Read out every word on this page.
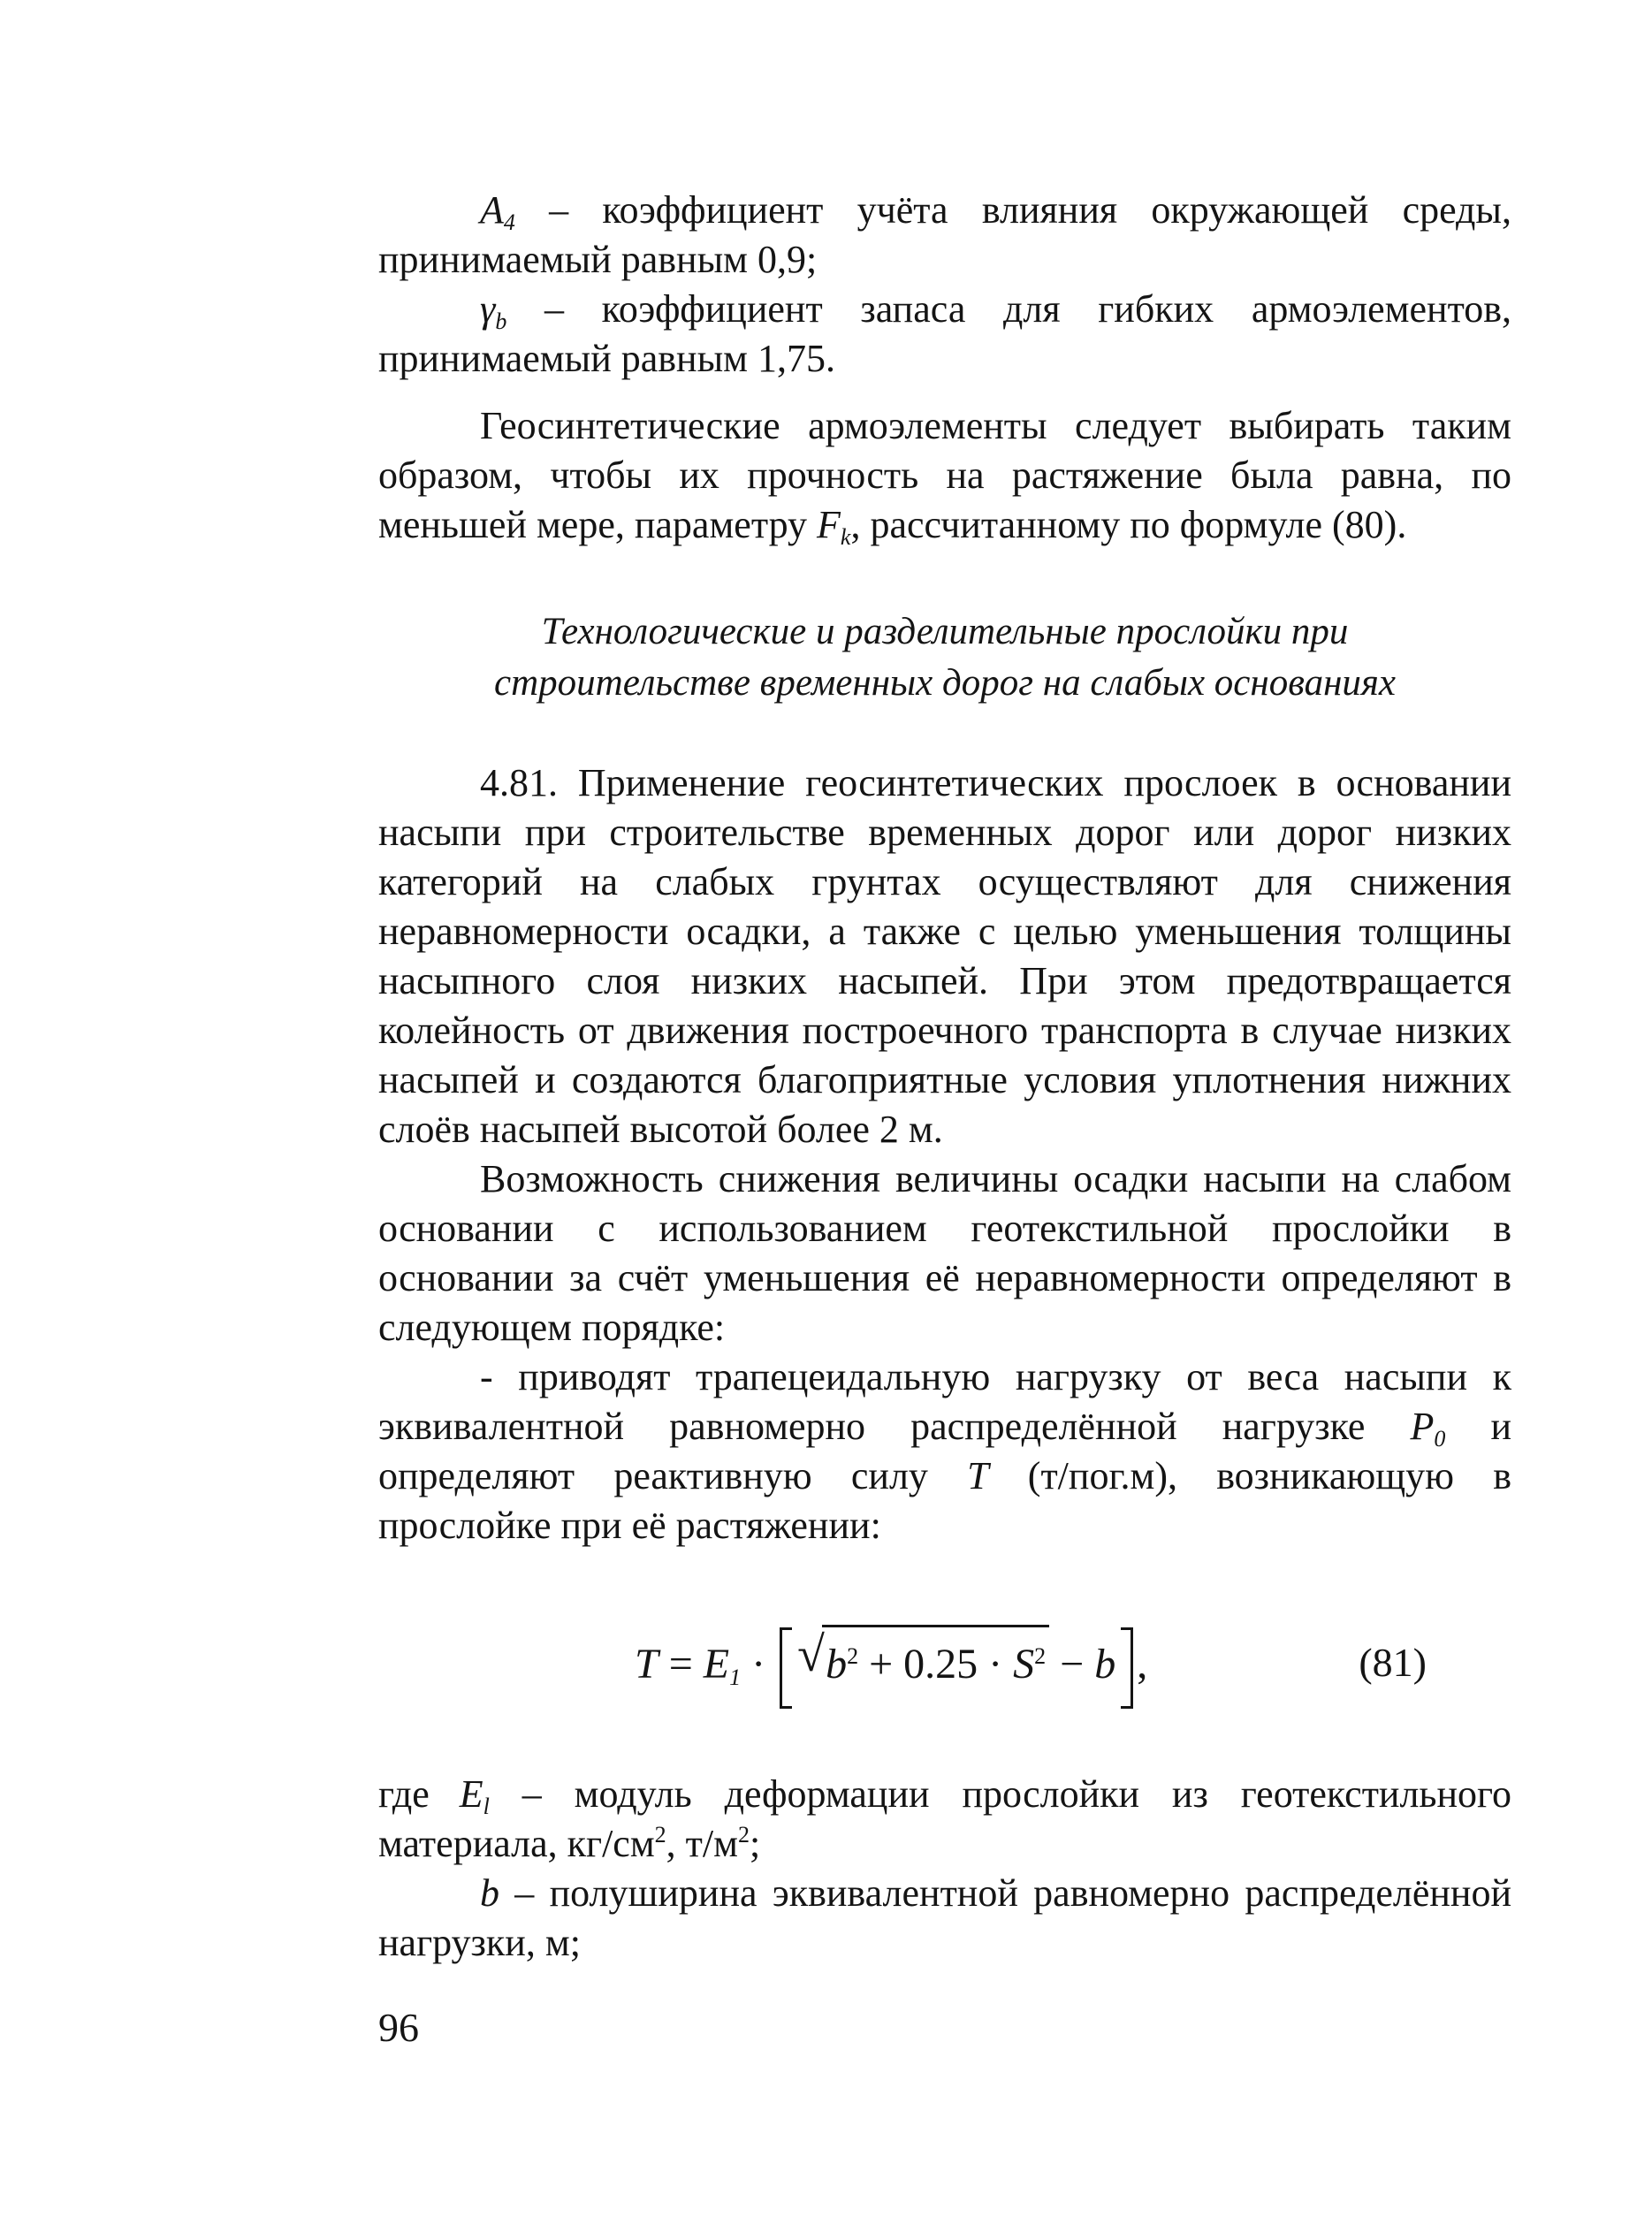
$A_4$ – коэффициент учёта влияния окружающей среды, принимаемый равным 0,9;

$\gamma_b$ – коэффициент запаса для гибких армоэлементов, принимаемый равным 1,75.

Геосинтетические армоэлементы следует выбирать таким образом, чтобы их прочность на растяжение была равна, по меньшей мере, параметру $F_k$, рассчитанному по формуле (80).

Технологические и разделительные прослойки при
строительстве временных дорог на слабых основаниях

4.81. Применение геосинтетических прослоек в основании насыпи при строительстве временных дорог или дорог низких категорий на слабых грунтах осуществляют для снижения неравномерности осадки, а также с целью уменьшения толщины насыпного слоя низких насыпей. При этом предотвращается колейность от движения построечного транспорта в случае низких насыпей и создаются благоприятные условия уплотнения нижних слоёв насыпей высотой более 2 м.

Возможность снижения величины осадки насыпи на слабом основании с использованием геотекстильной прослойки в основании за счёт уменьшения её неравномерности определяют в следующем порядке:

- приводят трапецеидальную нагрузку от веса насыпи к эквивалентной равномерно распределённой нагрузке $P_0$ и определяют реактивную силу T (т/пог.м), возникающую в прослойке при её растяжении:

$T = E_1$ · √ $b^2 + 0.25 \cdot S^2 - b$ ,	(81)

где $E_l$ – модуль деформации прослойки из геотекстильного материала, $кг/см^2$, $т/м^2$;

b – полуширина эквивалентной равномерно распределённой нагрузки, м;

96
